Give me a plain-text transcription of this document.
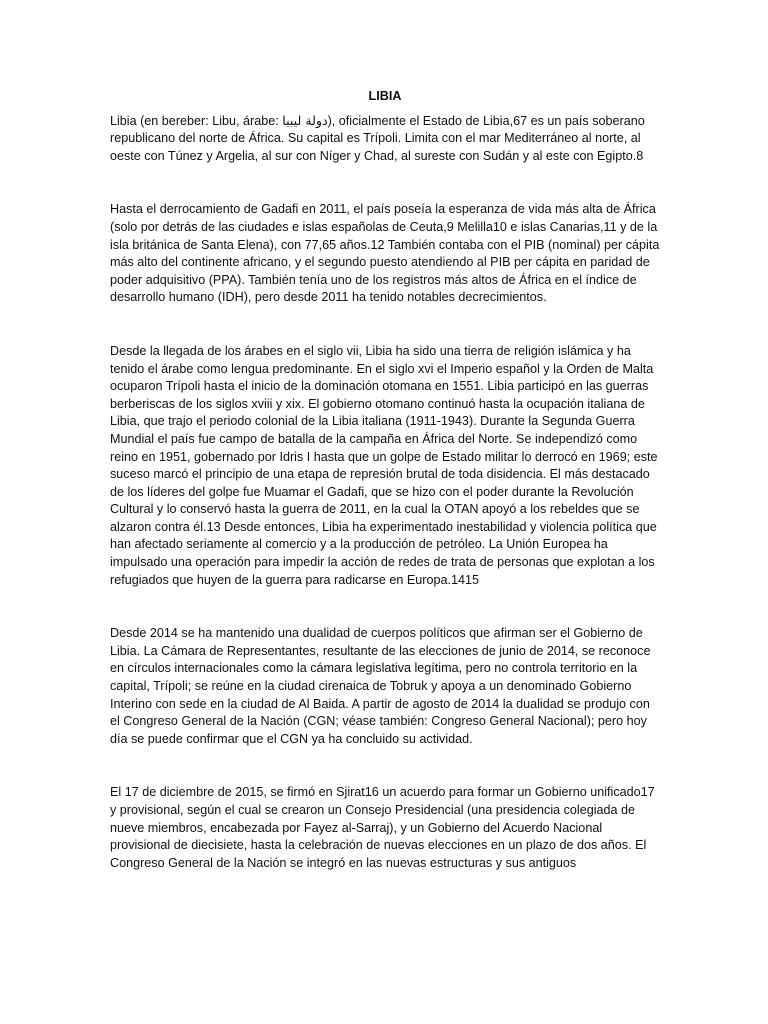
LIBIA

Libia (en bereber: Libu, árabe: دولة ليبيا), oficialmente el Estado de Libia,67 es un país soberano republicano del norte de África. Su capital es Trípoli. Limita con el mar Mediterráneo al norte, al oeste con Túnez y Argelia, al sur con Níger y Chad, al sureste con Sudán y al este con Egipto.8

Hasta el derrocamiento de Gadafi en 2011, el país poseía la esperanza de vida más alta de África (solo por detrás de las ciudades e islas españolas de Ceuta,9 Melilla10 e islas Canarias,11 y de la isla británica de Santa Elena), con 77,65 años.12 También contaba con el PIB (nominal) per cápita más alto del continente africano, y el segundo puesto atendiendo al PIB per cápita en paridad de poder adquisitivo (PPA). También tenía uno de los registros más altos de África en el índice de desarrollo humano (IDH), pero desde 2011 ha tenido notables decrecimientos.

Desde la llegada de los árabes en el siglo vii, Libia ha sido una tierra de religión islámica y ha tenido el árabe como lengua predominante. En el siglo xvi el Imperio español y la Orden de Malta ocuparon Trípoli hasta el inicio de la dominación otomana en 1551. Libia participó en las guerras berberiscas de los siglos xviii y xix. El gobierno otomano continuó hasta la ocupación italiana de Libia, que trajo el periodo colonial de la Libia italiana (1911-1943). Durante la Segunda Guerra Mundial el país fue campo de batalla de la campaña en África del Norte. Se independizó como reino en 1951, gobernado por Idris I hasta que un golpe de Estado militar lo derrocó en 1969; este suceso marcó el principio de una etapa de represión brutal de toda disidencia. El más destacado de los líderes del golpe fue Muamar el Gadafi, que se hizo con el poder durante la Revolución Cultural y lo conservó hasta la guerra de 2011, en la cual la OTAN apoyó a los rebeldes que se alzaron contra él.13 Desde entonces, Libia ha experimentado inestabilidad y violencia política que han afectado seriamente al comercio y a la producción de petróleo. La Unión Europea ha impulsado una operación para impedir la acción de redes de trata de personas que explotan a los refugiados que huyen de la guerra para radicarse en Europa.1415

Desde 2014 se ha mantenido una dualidad de cuerpos políticos que afirman ser el Gobierno de Libia. La Cámara de Representantes, resultante de las elecciones de junio de 2014, se reconoce en círculos internacionales como la cámara legislativa legítima, pero no controla territorio en la capital, Trípoli; se reúne en la ciudad cirenaica de Tobruk y apoya a un denominado Gobierno Interino con sede en la ciudad de Al Baida. A partir de agosto de 2014 la dualidad se produjo con el Congreso General de la Nación (CGN; véase también: Congreso General Nacional); pero hoy día se puede confirmar que el CGN ya ha concluido su actividad.

El 17 de diciembre de 2015, se firmó en Sjirat16 un acuerdo para formar un Gobierno unificado17 y provisional, según el cual se crearon un Consejo Presidencial (una presidencia colegiada de nueve miembros, encabezada por Fayez al-Sarraj), y un Gobierno del Acuerdo Nacional provisional de diecisiete, hasta la celebración de nuevas elecciones en un plazo de dos años. El Congreso General de la Nación se integró en las nuevas estructuras y sus antiguos
